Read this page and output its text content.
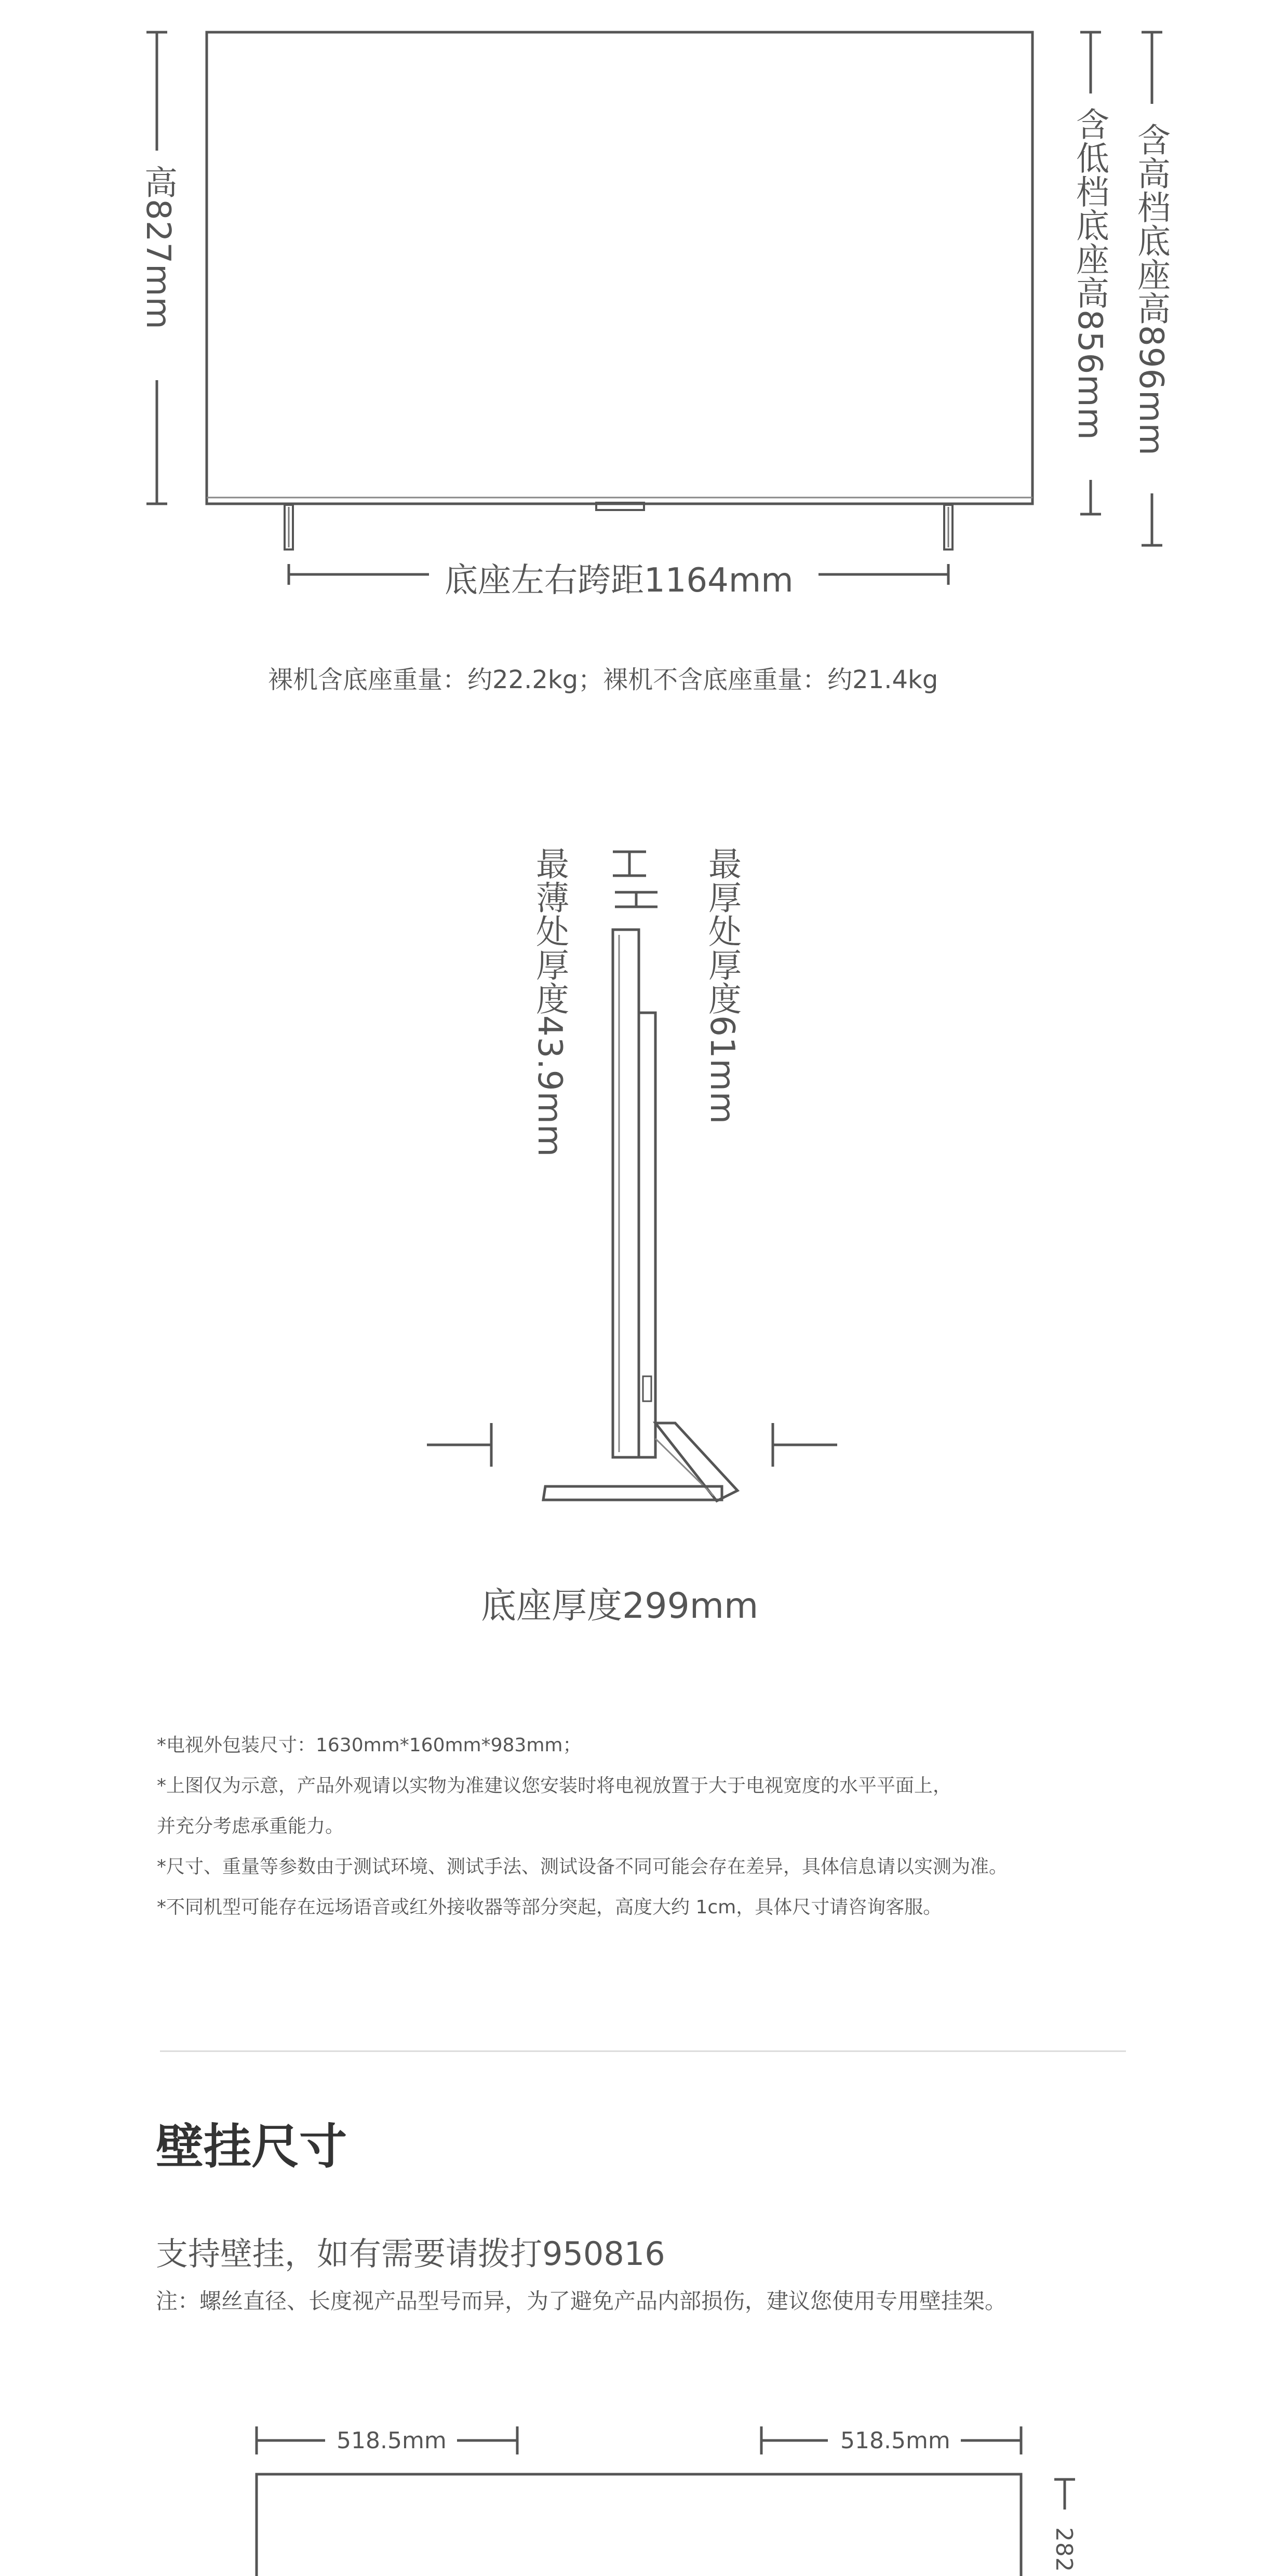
高827mm	含低档底座高856mm 含高档底座高896mm
底座左右跨距1164mm
裸机含底座重量：约22.2kg；裸机不含底座重量：约21.4kg
最薄处厚度43.9mm	最厚处厚度61mm
底座厚度299mm
*电视外包装尺寸：1630mm*160mm*983mm；
*上图仅为示意，产品外观请以实物为准建议您安装时将电视放置于大于电视宽度的水平平面上，
并充分考虑承重能力。
*尺寸、重量等参数由于测试环境、测试手法、测试设备不同可能会存在差异，具体信息请以实测为准。
*不同机型可能存在远场语音或红外接收器等部分突起，高度大约 1cm，具体尺寸请咨询客服。
壁挂尺寸
支持壁挂，如有需要请拨打950816
注：螺丝直径、长度视产品型号而异，为了避免产品内部损伤，建议您使用专用壁挂架。
518.5mm	518.5mm
282
